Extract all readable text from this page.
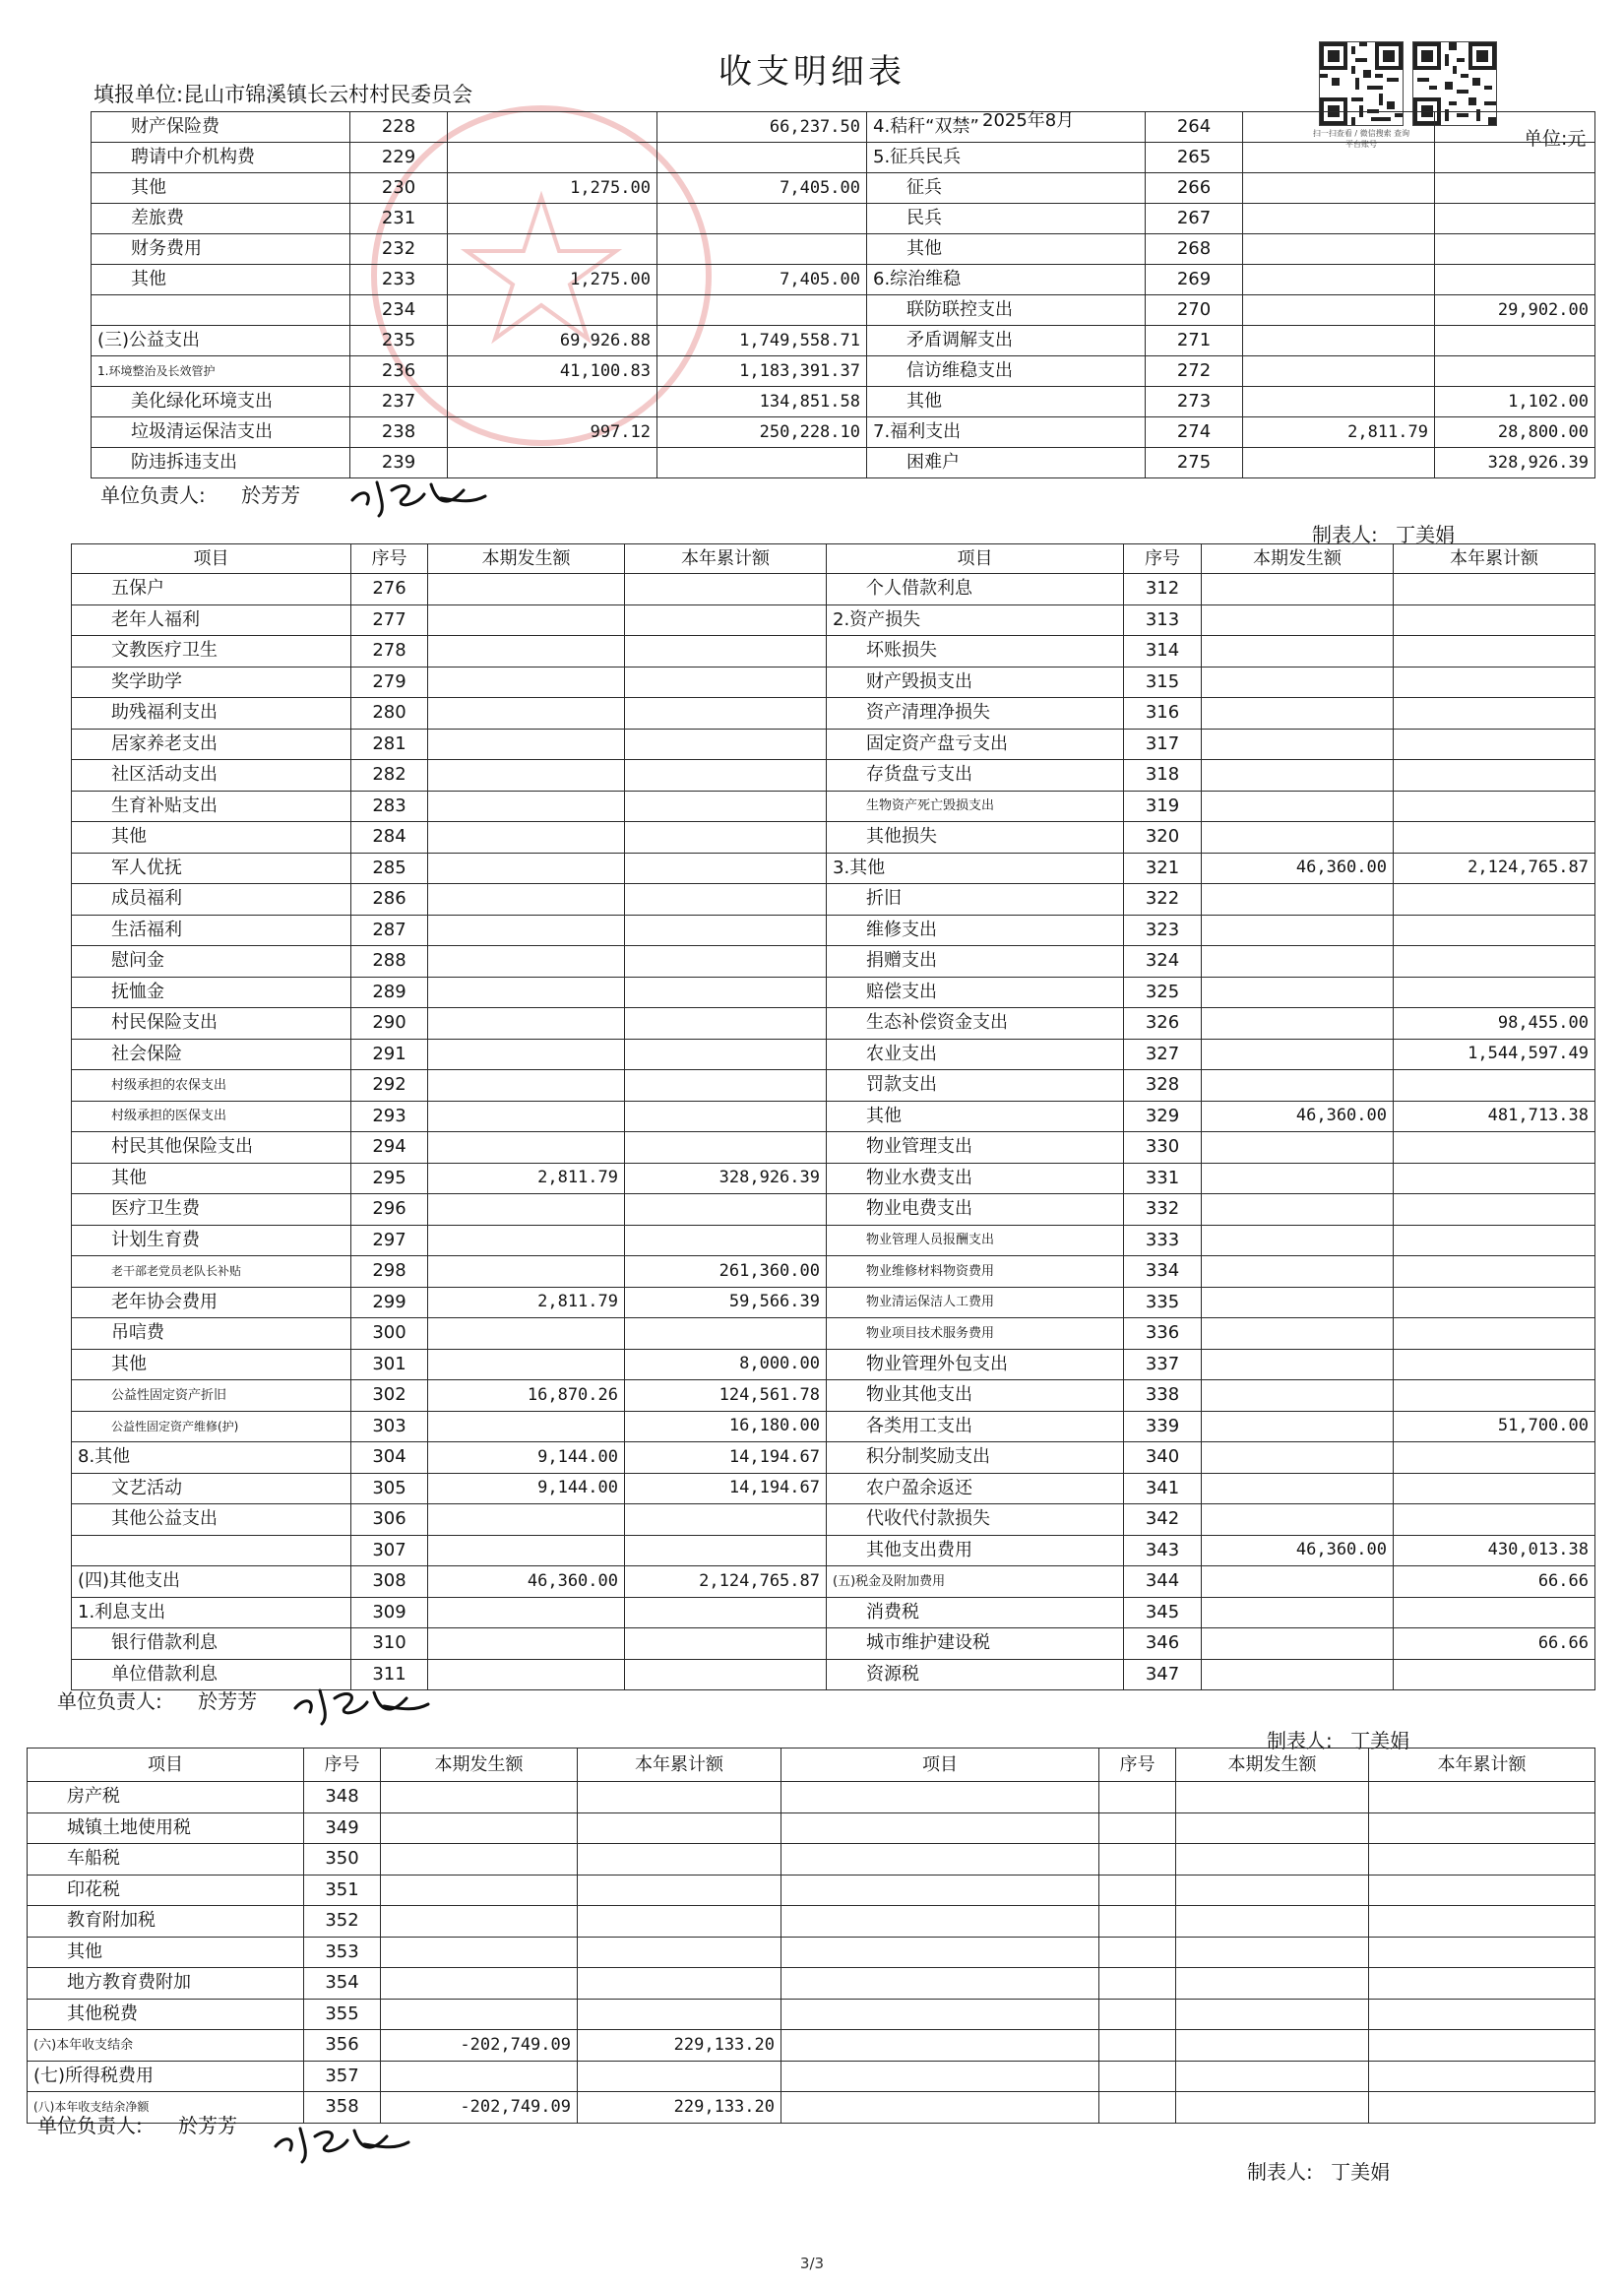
收支明细表
填报单位:昆山市锦溪镇长云村村民委员会
2025年8月
单位:元
扫一扫查看 / 微信搜索 查询平台账号
财产保险费	228		66,237.50	4.秸秆“双禁”	264		
聘请中介机构费	229			5.征兵民兵	265		
其他	230	1,275.00	7,405.00	征兵	266		
差旅费	231			民兵	267		
财务费用	232			其他	268		
其他	233	1,275.00	7,405.00	6.综治维稳	269		
	234			联防联控支出	270		29,902.00
(三)公益支出	235	69,926.88	1,749,558.71	矛盾调解支出	271		
1.环境整治及长效管护	236	41,100.83	1,183,391.37	信访维稳支出	272		
美化绿化环境支出	237		134,851.58	其他	273		1,102.00
垃圾清运保洁支出	238	997.12	250,228.10	7.福利支出	274	2,811.79	28,800.00
防违拆违支出	239			困难户	275		328,926.39
单位负责人: 於芳芳
制表人: 丁美娟
项目	序号	本期发生额	本年累计额	项目	序号	本期发生额	本年累计额
五保户	276			个人借款利息	312		
老年人福利	277			2.资产损失	313		
文教医疗卫生	278			坏账损失	314		
奖学助学	279			财产毁损支出	315		
助残福利支出	280			资产清理净损失	316		
居家养老支出	281			固定资产盘亏支出	317		
社区活动支出	282			存货盘亏支出	318		
生育补贴支出	283			生物资产死亡毁损支出	319		
其他	284			其他损失	320		
军人优抚	285			3.其他	321	46,360.00	2,124,765.87
成员福利	286			折旧	322		
生活福利	287			维修支出	323		
慰问金	288			捐赠支出	324		
抚恤金	289			赔偿支出	325		
村民保险支出	290			生态补偿资金支出	326		98,455.00
社会保险	291			农业支出	327		1,544,597.49
村级承担的农保支出	292			罚款支出	328		
村级承担的医保支出	293			其他	329	46,360.00	481,713.38
村民其他保险支出	294			物业管理支出	330		
其他	295	2,811.79	328,926.39	物业水费支出	331		
医疗卫生费	296			物业电费支出	332		
计划生育费	297			物业管理人员报酬支出	333		
老干部老党员老队长补贴	298		261,360.00	物业维修材料物资费用	334		
老年协会费用	299	2,811.79	59,566.39	物业清运保洁人工费用	335		
吊唁费	300			物业项目技术服务费用	336		
其他	301		8,000.00	物业管理外包支出	337		
公益性固定资产折旧	302	16,870.26	124,561.78	物业其他支出	338		
公益性固定资产维修(护)	303		16,180.00	各类用工支出	339		51,700.00
8.其他	304	9,144.00	14,194.67	积分制奖励支出	340		
文艺活动	305	9,144.00	14,194.67	农户盈余返还	341		
其他公益支出	306			代收代付款损失	342		
	307			其他支出费用	343	46,360.00	430,013.38
(四)其他支出	308	46,360.00	2,124,765.87	(五)税金及附加费用	344		66.66
1.利息支出	309			消费税	345		
银行借款利息	310			城市维护建设税	346		66.66
单位借款利息	311			资源税	347		
单位负责人: 於芳芳
制表人: 丁美娟
项目	序号	本期发生额	本年累计额	项目	序号	本期发生额	本年累计额
房产税	348						
城镇土地使用税	349						
车船税	350						
印花税	351						
教育附加税	352						
其他	353						
地方教育费附加	354						
其他税费	355						
(六)本年收支结余	356	-202,749.09	229,133.20				
(七)所得税费用	357						
(八)本年收支结余净额	358	-202,749.09	229,133.20				
单位负责人: 於芳芳
制表人: 丁美娟
3/3
